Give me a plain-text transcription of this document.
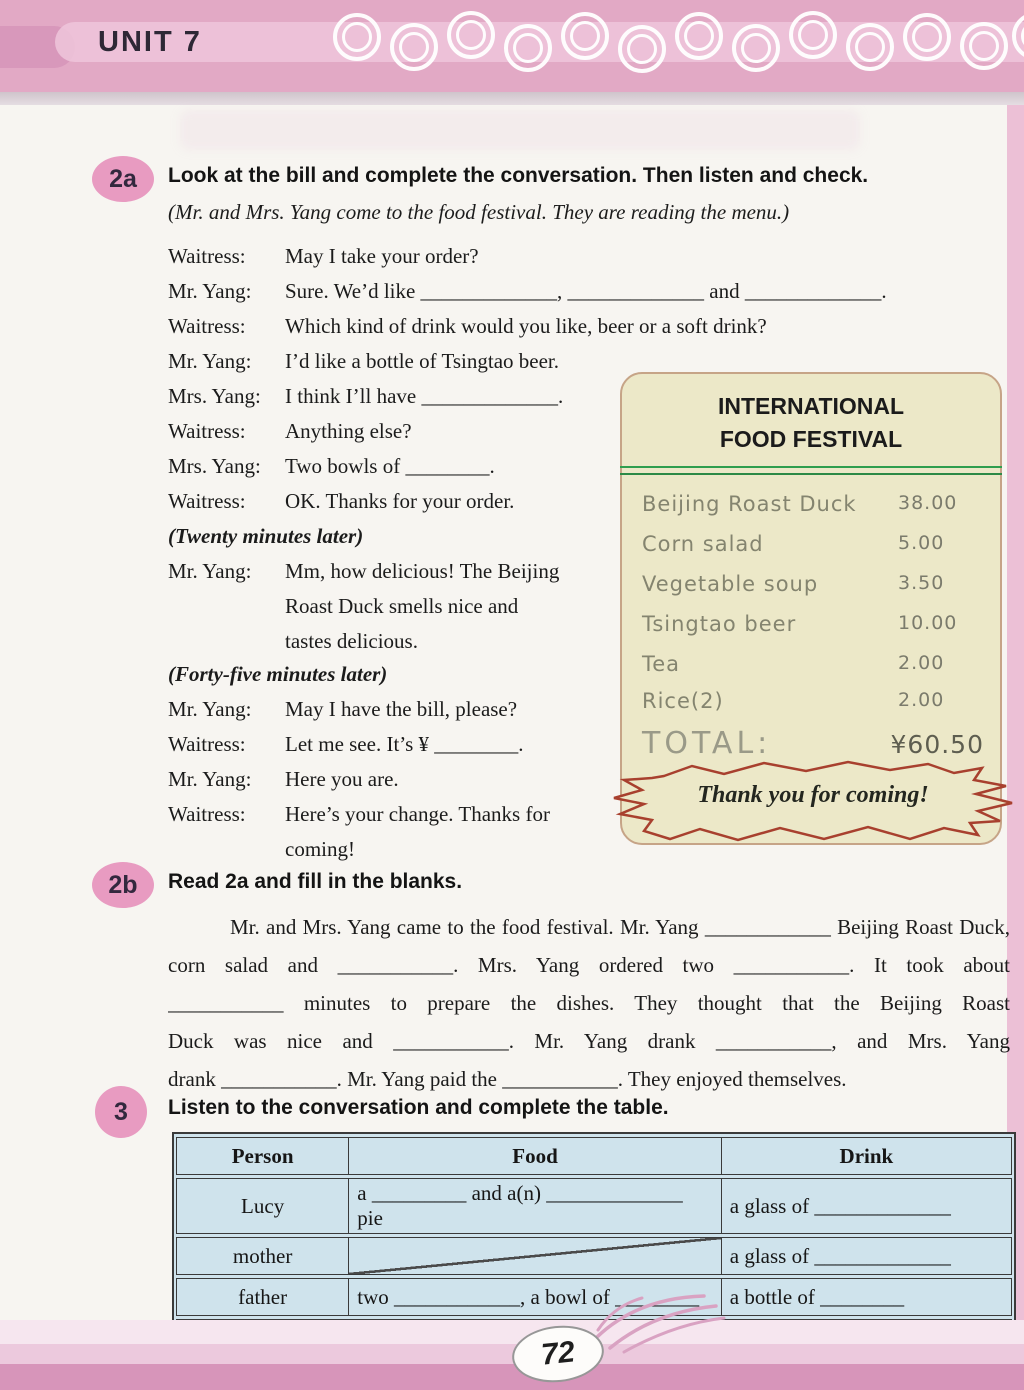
UNIT 7
2a	Look at the bill and complete the conversation. Then listen and check.
(Mr. and Mrs. Yang come to the food festival. They are reading the menu.)
Waitress:	May I take your order?
Mr. Yang:	Sure. We’d like _____________, _____________ and _____________.
Waitress:	Which kind of drink would you like, beer or a soft drink?
Mr. Yang:	I’d like a bottle of Tsingtao beer.
Mrs. Yang:	I think I’ll have _____________.
Waitress:	Anything else?
Mrs. Yang:	Two bowls of ________.
Waitress:	OK. Thanks for your order.
(Twenty minutes later)
Mr. Yang:	Mm, how delicious! The Beijing
Roast Duck smells nice and
tastes delicious.
(Forty-five minutes later)
Mr. Yang:	May I have the bill, please?
Waitress:	Let me see. It’s ¥ ________.
Mr. Yang:	Here you are.
Waitress:	Here’s your change. Thanks for
coming!
INTERNATIONAL
FOOD FESTIVAL
Beijing Roast Duck 38.00
Corn salad	5.00
Vegetable soup	3.50
Tsingtao beer	10.00
Tea	2.00
Rice(2)	2.00
TOTAL:	¥60.50
Thank you for coming!
2b	Read 2a and fill in the blanks.
Mr. and Mrs. Yang came to the food festival. Mr. Yang ____________ Beijing Roast Duck,
corn salad and ___________. Mrs. Yang ordered two ___________. It took about
___________ minutes to prepare the dishes. They thought that the Beijing Roast
Duck was nice and ___________. Mr. Yang drank ___________, and Mrs. Yang
drank ___________. Mr. Yang paid the ___________. They enjoyed themselves.
3	Listen to the conversation and complete the table.
Person	Food	Drink
Lucy	a _________ and a(n) _____________ pie	a glass of _____________
mother		a glass of _____________
father	two ____________, a bowl of ________	a bottle of ________

72
